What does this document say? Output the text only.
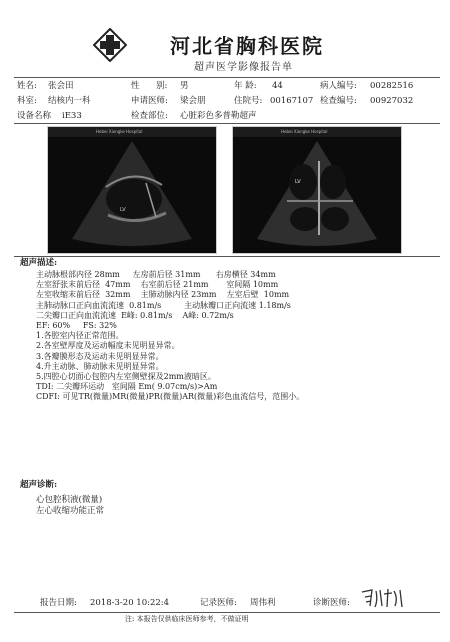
河北省胸科医院
超声医学影像报告单
姓名: 张会田	性 别: 男	年 龄: 44	病人编号: 00282516
科室: 结核内一科	申请医师: 梁会朋	住院号: 00167107 检查编号: 00927032
设备名称 iE33	检查部位: 心脏彩色多普勒超声
LV
Hebei Xiongke Hospital
LV
Hebei Xiongke Hospital
超声描述:
主动脉根部内径 28mm     左房前后径 31mm      右房横径 34mm
左室舒张末前后径  47mm    右室前后径 21mm       室间隔 10mm
左室收缩末前后径  32mm    主肺动脉内径 23mm    左室后壁  10mm
主肺动脉口正向血流流速  0.81m/s         主动脉瓣口正向流速 1.18m/s
二尖瓣口正向血流流速  E峰: 0.81m/s    A峰: 0.72m/s
EF: 60%     FS: 32%
1.各腔室内径正常范围。
2.各室壁厚度及运动幅度未见明显异常。
3.各瓣膜形态及运动未见明显异常。
4.升主动脉、肺动脉未见明显异常。
5.四腔心切面心包腔内左室侧壁探及2mm液暗区。
TDI: 二尖瓣环运动   室间隔 Em( 9.07cm/s)>Am
CDFI: 可见TR(微量)MR(微量)PR(微量)AR(微量)彩色血流信号，范围小。
超声诊断:
心包腔积液(微量)
左心收缩功能正常
报告日期: 2018-3-20 10:22:4	记录医师: 周伟利	诊断医师:
注: 本报告仅供临床医师参考，不做证明
